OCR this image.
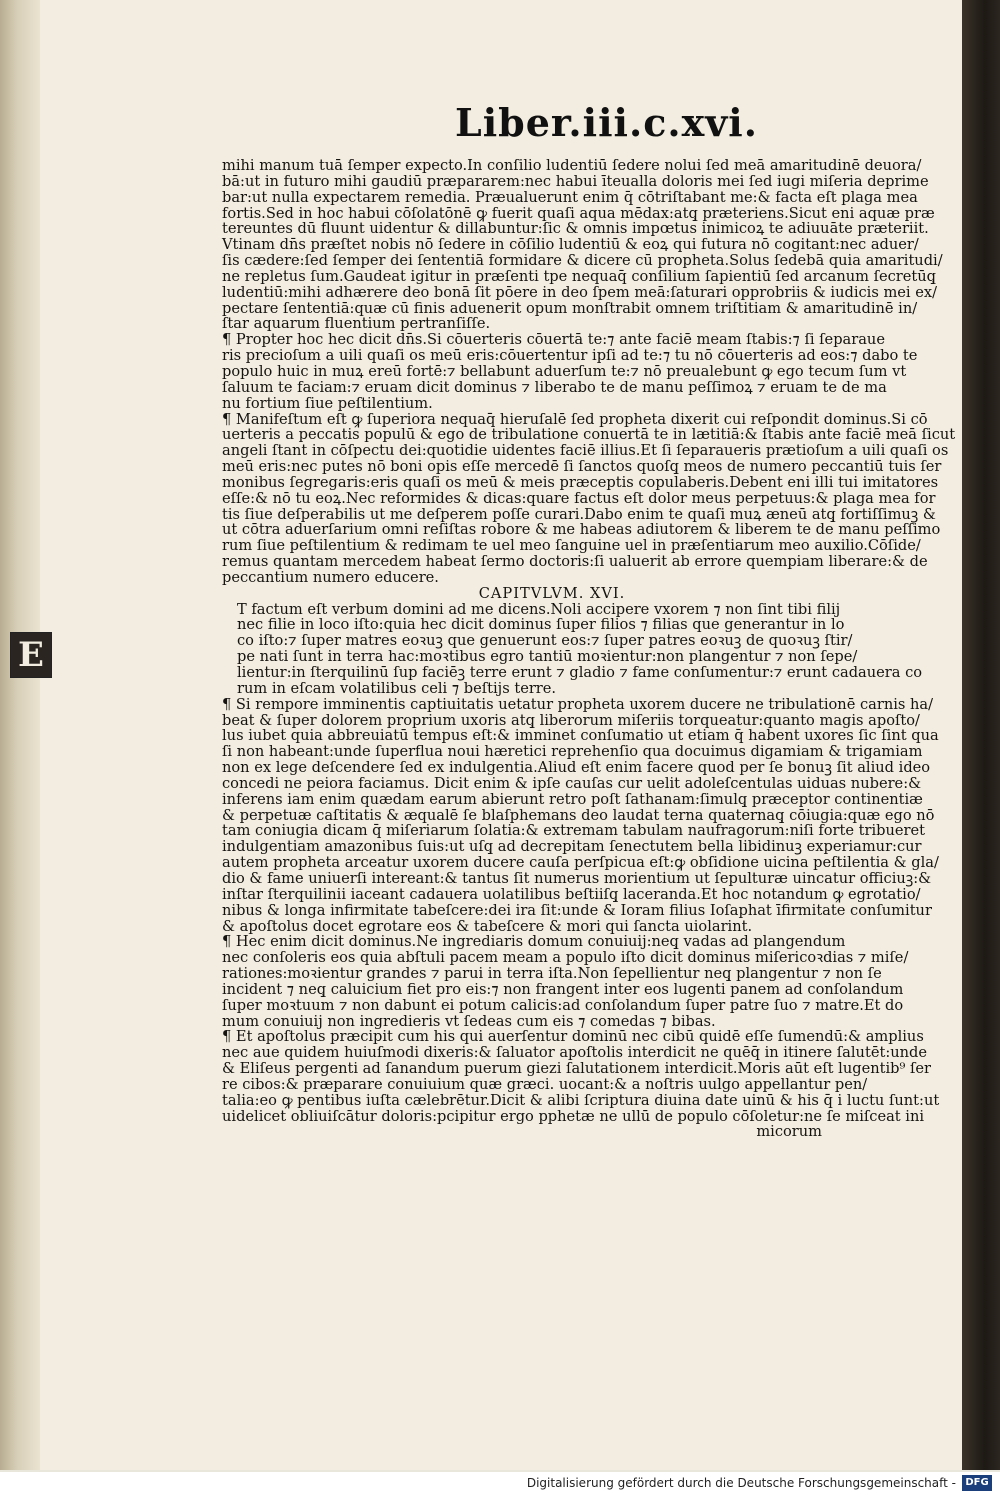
Liber.iii.c.xvi.
mihi manum tuā ſemper expecto.In conſilio ludentiū ſedere nolui ſed meā amaritudinē deuora/
bā:ut in futuro mihi gaudiū præpararem:nec habui īteualla doloris mei ſed iugi miſeria deprime
bar:ut nulla expectarem remedia. Præualuerunt enim q̄ cōtriſtabant me:& facta eſt plaga mea
fortis.Sed in hoc habui cōſolatōnē ꝙ fuerit quaſi aqua mēdax:atq̧ præteriens.Sicut eni aquæ præ
tereuntes dū fluunt uidentur & dillabuntur:ſic & omnis impœtus inimicoꝝ te adiuuāte præteriit.
Vtinam dn̄s præſtet nobis nō ſedere in cōſilio ludentiū & eoꝝ qui futura nō cogitant:nec aduer/
ſis cædere:ſed ſemper dei ſententiā formidare & dicere cū propheta.Solus ſedebā quia amaritudi/
ne repletus ſum.Gaudeat igitur in præſenti tpe nequaq̄ conſilium ſapientiū ſed arcanum ſecretūq̧
ludentiū:mihi adhærere deo bonā ſit pōere in deo ſpem meā:ſaturari opprobriis & iudicis mei ex/
pectare ſententiā:quæ cū finis aduenerit opum monſtrabit omnem triſtitiam & amaritudinē in/
ſtar aquarum fluentium pertranſiſſe.
¶ Propter hoc hec dicit dn̄s.Si cōuerteris cōuertā te:⁊ ante faciē meam ſtabis:⁊ ſi ſeparaue
ris precioſum a uili quaſi os meū eris:cōuertentur ipſi ad te:⁊ tu nō cōuerteris ad eos:⁊ dabo te
populo huic in muꝝ ereū fortē:⁊ bellabunt aduerſum te:⁊ nō preualebunt ꝙ ego tecum ſum vt
ſaluum te faciam:⁊ eruam dicit dominus ⁊ liberabo te de manu peſſimoꝝ ⁊ eruam te de ma
nu fortium ſiue peſtilentium.
¶ Manifeſtum eſt ꝙ ſuperiora nequaq̄ hieruſalē ſed propheta dixerit cui reſpondit dominus.Si cō
uerteris a peccatis populū & ego de tribulatione conuertā te in lætitiā:& ſtabis ante faciē meā ſicut
angeli ſtant in cōſpectu dei:quotidie uidentes faciē illius.Et ſi ſeparaueris prætioſum a uili quaſi os
meū eris:nec putes nō boni opis eſſe mercedē ſi ſanctos quoſq̧ meos de numero peccantiū tuis ſer
monibus ſegregaris:eris quaſi os meū & meis præceptis copulaberis.Debent eni illi tui imitatores
eſſe:& nō tu eoꝝ.Nec reformides & dicas:quare factus eſt dolor meus perpetuus:& plaga mea for
tis ſiue deſperabilis ut me deſperem poſſe curari.Dabo enim te quaſi muꝝ æneū atq̧ fortiſſimuꝫ &
ut cōtra aduerſarium omni reſiſtas robore & me habeas adiutorem & liberem te de manu peſſimo
rum ſiue peſtilentium & redimam te uel meo ſanguine uel in præſentiarum meo auxilio.Cōſide/
remus quantam mercedem habeat ſermo doctoris:ſi ualuerit ab errore quempiam liberare:& de
peccantium numero educere.
CAPITVLVM. XVI.
T factum eſt verbum domini ad me dicens.Noli accipere vxorem ⁊ non ſint tibi filij
nec filie in loco iſto:quia hec dicit dominus ſuper filios ⁊ filias que generantur in lo
co iſto:⁊ ſuper matres eoꝛuꝫ que genuerunt eos:⁊ ſuper patres eoꝛuꝫ de quoꝛuꝫ ſtir/
pe nati ſunt in terra hac:moꝛtibus egro tantiū moꝛientur:non plangentur ⁊ non ſepe/
lientur:in ſterquilinū ſup faciēꝫ terre erunt ⁊ gladio ⁊ fame conſumentur:⁊ erunt cadauera co
rum in eſcam volatilibus celi ⁊ beſtijs terre.
¶ Si rempore imminentis captiuitatis uetatur propheta uxorem ducere ne tribulationē carnis ha/
beat & ſuper dolorem proprium uxoris atq̧ liberorum miſeriis torqueatur:quanto magis apoſto/
lus iubet quia abbreuiatū tempus eſt:& imminet conſumatio ut etiam q̄ habent uxores ſic ſint qua
ſi non habeant:unde ſuperflua noui hæretici reprehenſio qua docuimus digamiam & trigamiam
non ex lege deſcendere ſed ex indulgentia.Aliud eſt enim facere quod per ſe bonuꝫ ſit aliud ideo
concedi ne peiora faciamus. Dicit enim & ipſe cauſas cur uelit adoleſcentulas uiduas nubere:&
inferens iam enim quædam earum abierunt retro poſt ſathanam:ſimulq̧ præceptor continentiæ
& perpetuæ caſtitatis & æqualē ſe blaſphemans deo laudat terna quaternaq̧ cōiugia:quæ ego nō
tam coniugia dicam q̄ miſeriarum ſolatia:& extremam tabulam naufragorum:niſi forte tribueret
indulgentiam amazonibus ſuis:ut uſq̧ ad decrepitam ſenectutem bella libidinuꝫ experiamur:cur
autem propheta arceatur uxorem ducere cauſa perſpicua eſt:ꝙ obſidione uicina peſtilentia & gla/
dio & fame uniuerſi intereant:& tantus ſit numerus morientium ut ſepulturæ uincatur officiuꝫ:&
inſtar ſterquilinii iaceant cadauera uolatilibus beſtiiſq̧ laceranda.Et hoc notandum ꝙ egrotatio/
nibus & longa infirmitate tabeſcere:dei ira ſit:unde & Ioram filius Ioſaphat īfirmitate conſumitur
& apoſtolus docet egrotare eos & tabeſcere & mori qui ſancta uiolarint.
¶ Hec enim dicit dominus.Ne ingrediaris domum conuiuij:neq̧ vadas ad plangendum
nec conſoleris eos quia abſtuli pacem meam a populo iſto dicit dominus miſericoꝛdias ⁊ miſe/
rationes:moꝛientur grandes ⁊ parui in terra iſta.Non ſepellientur neq̧ plangentur ⁊ non ſe
incident ⁊ neq̧ caluicium fiet pro eis:⁊ non frangent inter eos lugenti panem ad conſolandum
ſuper moꝛtuum ⁊ non dabunt ei potum calicis:ad conſolandum ſuper patre ſuo ⁊ matre.Et do
mum conuiuij non ingredieris vt ſedeas cum eis ⁊ comedas ⁊ bibas.
¶ Et apoſtolus præcipit cum his qui auerſentur dominū nec cibū quidē eſſe ſumendū:& amplius
nec aue quidem huiuſmodi dixeris:& ſaluator apoſtolis interdicit ne quēq̄ in itinere ſalutēt:unde
& Eliſeus pergenti ad ſanandum puerum giezi ſalutationem interdicit.Moris aūt eſt lugentib⁹ ſer
re cibos:& præparare conuiuium quæ græci. uocant:& a noſtris uulgo appellantur pen/
talia:eo ꝙ pentibus iuſta cælebrētur.Dicit & alibi ſcriptura diuina date uinū & his q̄ i luctu ſunt:ut
uidelicet obliuiſcātur doloris:pcipitur ergo pphetæ ne ullū de populo cōſoletur:ne ſe miſceat ini
micorum
E
Digitalisierung gefördert durch die Deutsche Forschungsgemeinschaft - DFG
